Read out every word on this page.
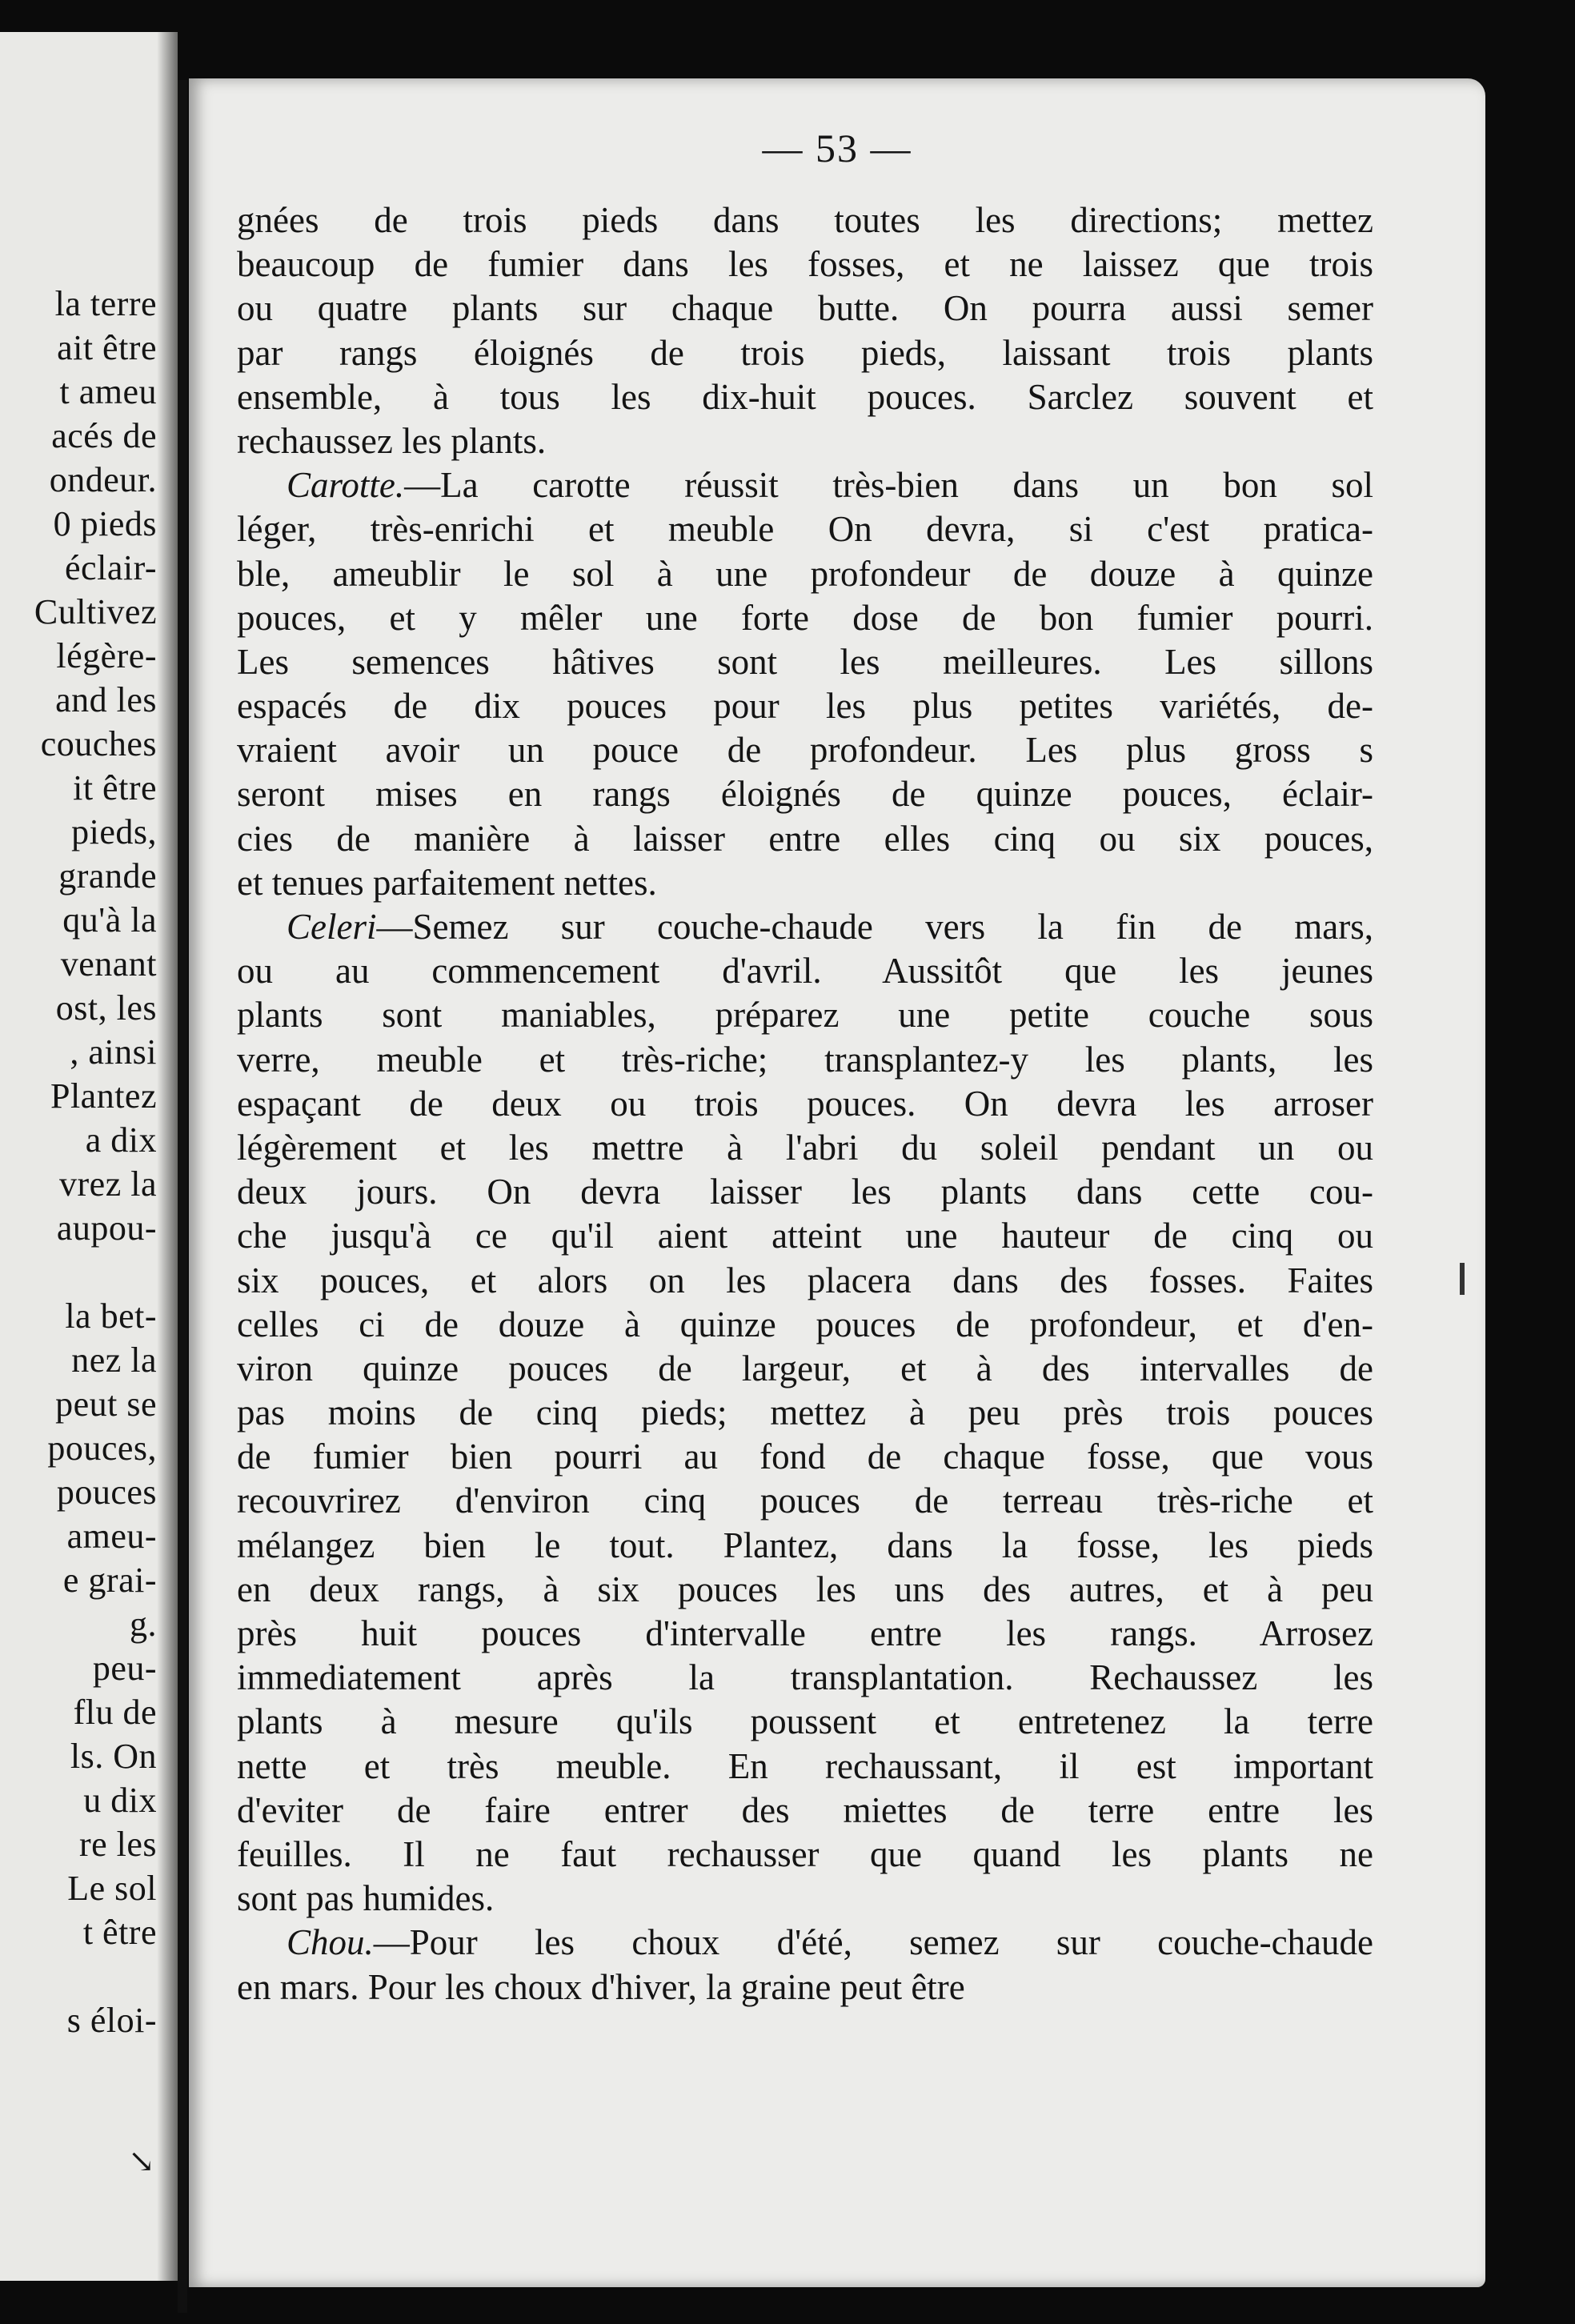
la terre
ait être
t ameu
acés de
ondeur.
0 pieds
éclair-
Cultivez
légère-
and les
couches
it être
pieds,
grande
qu'à la
venant
ost, les
, ainsi
Plantez
a dix
vrez la
aupou-
la bet-
nez la
peut se
pouces,
pouces
ameu-
e grai-
g.
peu-
flu de
ls. On
u dix
re les
Le sol
t être
s éloi-
↘
— 53 —
gnées de trois pieds dans toutes les directions; mettez
beaucoup de fumier dans les fosses, et ne laissez que trois
ou quatre plants sur chaque butte. On pourra aussi semer
par rangs éloignés de trois pieds, laissant trois plants
ensemble, à tous les dix-huit pouces. Sarclez souvent et
rechaussez les plants.
Carotte.—La carotte réussit très-bien dans un bon sol
léger, très-enrichi et meuble On devra, si c'est pratica-
ble, ameublir le sol à une profondeur de douze à quinze
pouces, et y mêler une forte dose de bon fumier pourri.
Les semences hâtives sont les meilleures. Les sillons
espacés de dix pouces pour les plus petites variétés, de-
vraient avoir un pouce de profondeur. Les plus gross s
seront mises en rangs éloignés de quinze pouces, éclair-
cies de manière à laisser entre elles cinq ou six pouces,
et tenues parfaitement nettes.
Celeri—Semez sur couche-chaude vers la fin de mars,
ou au commencement d'avril. Aussitôt que les jeunes
plants sont maniables, préparez une petite couche sous
verre, meuble et très-riche; transplantez-y les plants, les
espaçant de deux ou trois pouces. On devra les arroser
légèrement et les mettre à l'abri du soleil pendant un ou
deux jours. On devra laisser les plants dans cette cou-
che jusqu'à ce qu'il aient atteint une hauteur de cinq ou
six pouces, et alors on les placera dans des fosses. Faites
celles ci de douze à quinze pouces de profondeur, et d'en-
viron quinze pouces de largeur, et à des intervalles de
pas moins de cinq pieds; mettez à peu près trois pouces
de fumier bien pourri au fond de chaque fosse, que vous
recouvrirez d'environ cinq pouces de terreau très-riche et
mélangez bien le tout. Plantez, dans la fosse, les pieds
en deux rangs, à six pouces les uns des autres, et à peu
près huit pouces d'intervalle entre les rangs. Arrosez
immediatement après la transplantation. Rechaussez les
plants à mesure qu'ils poussent et entretenez la terre
nette et très meuble. En rechaussant, il est important
d'eviter de faire entrer des miettes de terre entre les
feuilles. Il ne faut rechausser que quand les plants ne
sont pas humides.
Chou.—Pour les choux d'été, semez sur couche-chaude
en mars. Pour les choux d'hiver, la graine peut être
